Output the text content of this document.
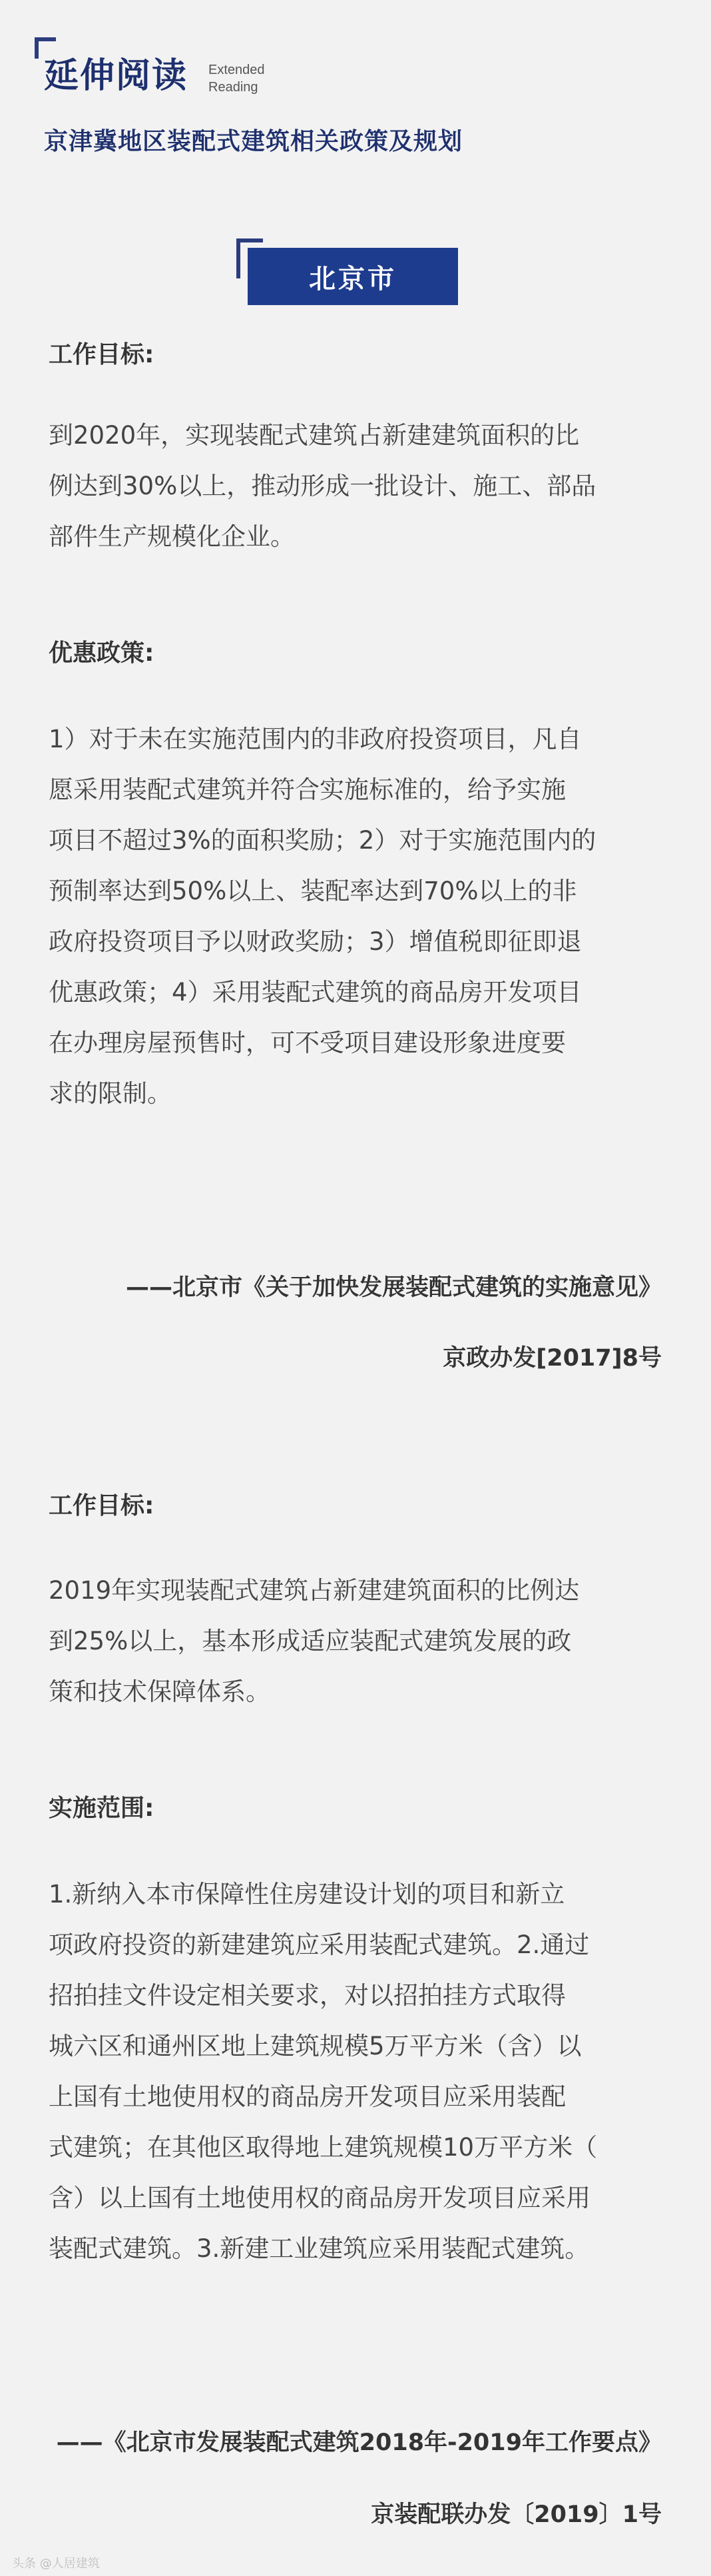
延伸阅读 Extended
Reading
京津冀地区装配式建筑相关政策及规划
北京市
工作目标:
到2020年，实现装配式建筑占新建建筑面积的比
例达到30%以上，推动形成一批设计、施工、部品
部件生产规模化企业。
优惠政策:
1）对于未在实施范围内的非政府投资项目，凡自
愿采用装配式建筑并符合实施标准的，给予实施
项目不超过3%的面积奖励；2）对于实施范围内的
预制率达到50%以上、装配率达到70%以上的非
政府投资项目予以财政奖励；3）增值税即征即退
优惠政策；4）采用装配式建筑的商品房开发项目
在办理房屋预售时，可不受项目建设形象进度要
求的限制。
——北京市《关于加快发展装配式建筑的实施意见》
京政办发[2017]8号
工作目标:
2019年实现装配式建筑占新建建筑面积的比例达
到25%以上，基本形成适应装配式建筑发展的政
策和技术保障体系。
实施范围:
1.新纳入本市保障性住房建设计划的项目和新立
项政府投资的新建建筑应采用装配式建筑。2.通过
招拍挂文件设定相关要求，对以招拍挂方式取得
城六区和通州区地上建筑规模5万平方米（含）以
上国有土地使用权的商品房开发项目应采用装配
式建筑；在其他区取得地上建筑规模10万平方米（
含）以上国有土地使用权的商品房开发项目应采用
装配式建筑。3.新建工业建筑应采用装配式建筑。
——《北京市发展装配式建筑2018年-2019年工作要点》
京装配联办发〔2019〕1号
头条 @人居建筑
